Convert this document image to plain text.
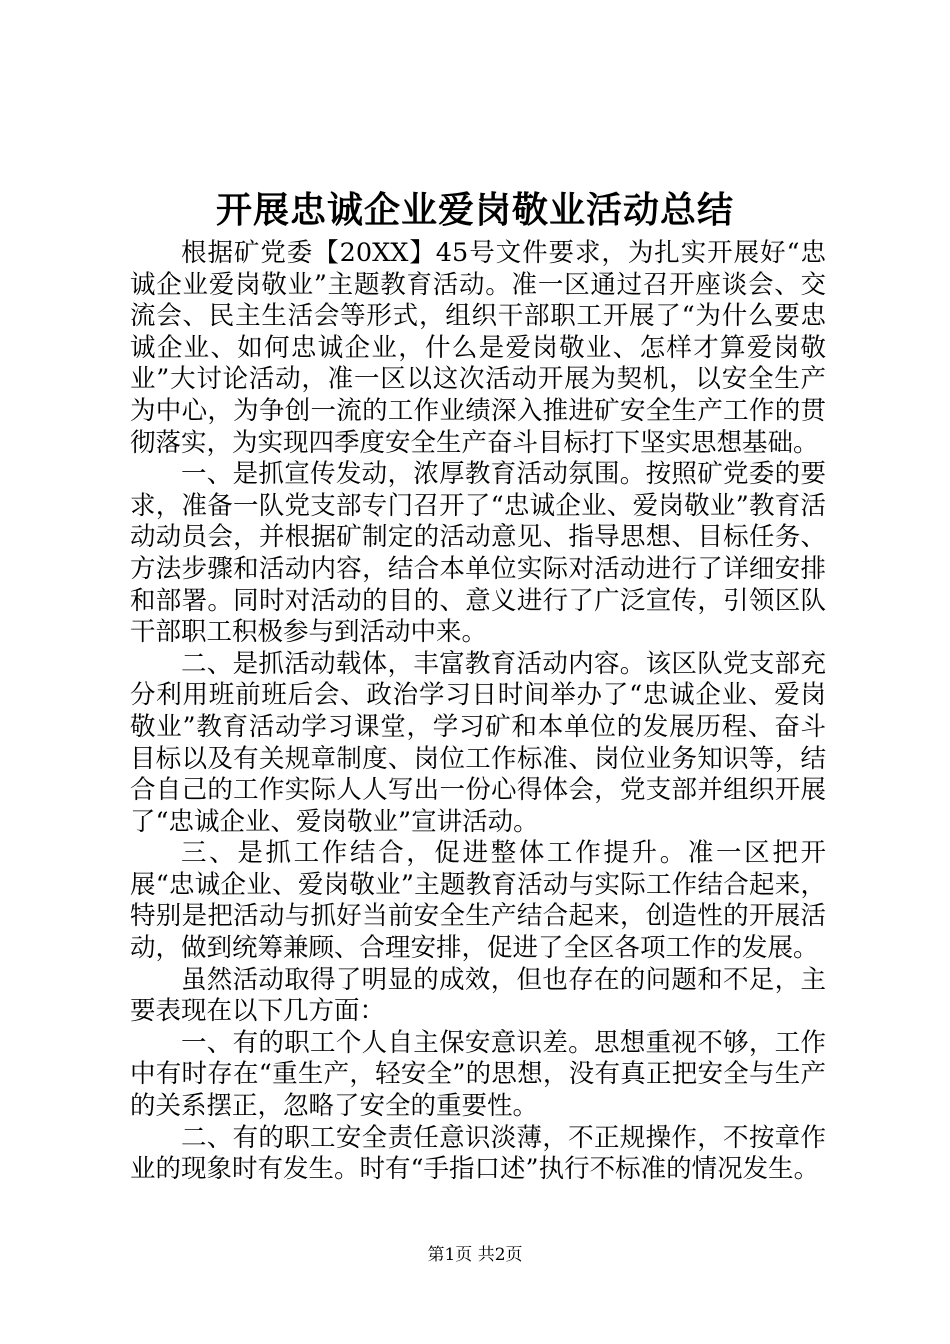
开展忠诚企业爱岗敬业活动总结

根据矿党委【20XX】45号文件要求，为扎实开展好“忠诚企业爱岗敬业”主题教育活动。准一区通过召开座谈会、交流会、民主生活会等形式，组织干部职工开展了“为什么要忠诚企业、如何忠诚企业，什么是爱岗敬业、怎样才算爱岗敬业”大讨论活动，准一区以这次活动开展为契机，以安全生产为中心，为争创一流的工作业绩深入推进矿安全生产工作的贯彻落实，为实现四季度安全生产奋斗目标打下坚实思想基础。

一、是抓宣传发动，浓厚教育活动氛围。按照矿党委的要求，准备一队党支部专门召开了“忠诚企业、爱岗敬业”教育活动动员会，并根据矿制定的活动意见、指导思想、目标任务、方法步骤和活动内容，结合本单位实际对活动进行了详细安排和部署。同时对活动的目的、意义进行了广泛宣传，引领区队干部职工积极参与到活动中来。

二、是抓活动载体，丰富教育活动内容。该区队党支部充分利用班前班后会、政治学习日时间举办了“忠诚企业、爱岗敬业”教育活动学习课堂，学习矿和本单位的发展历程、奋斗目标以及有关规章制度、岗位工作标准、岗位业务知识等，结合自己的工作实际人人写出一份心得体会，党支部并组织开展了“忠诚企业、爱岗敬业”宣讲活动。

三、是抓工作结合，促进整体工作提升。准一区把开展“忠诚企业、爱岗敬业”主题教育活动与实际工作结合起来，特别是把活动与抓好当前安全生产结合起来，创造性的开展活动，做到统筹兼顾、合理安排，促进了全区各项工作的发展。

虽然活动取得了明显的成效，但也存在的问题和不足，主要表现在以下几方面：

一、有的职工个人自主保安意识差。思想重视不够，工作中有时存在“重生产，轻安全”的思想，没有真正把安全与生产的关系摆正，忽略了安全的重要性。

二、有的职工安全责任意识淡薄，不正规操作，不按章作业的现象时有发生。时有“手指口述”执行不标准的情况发生。

第1页 共2页
